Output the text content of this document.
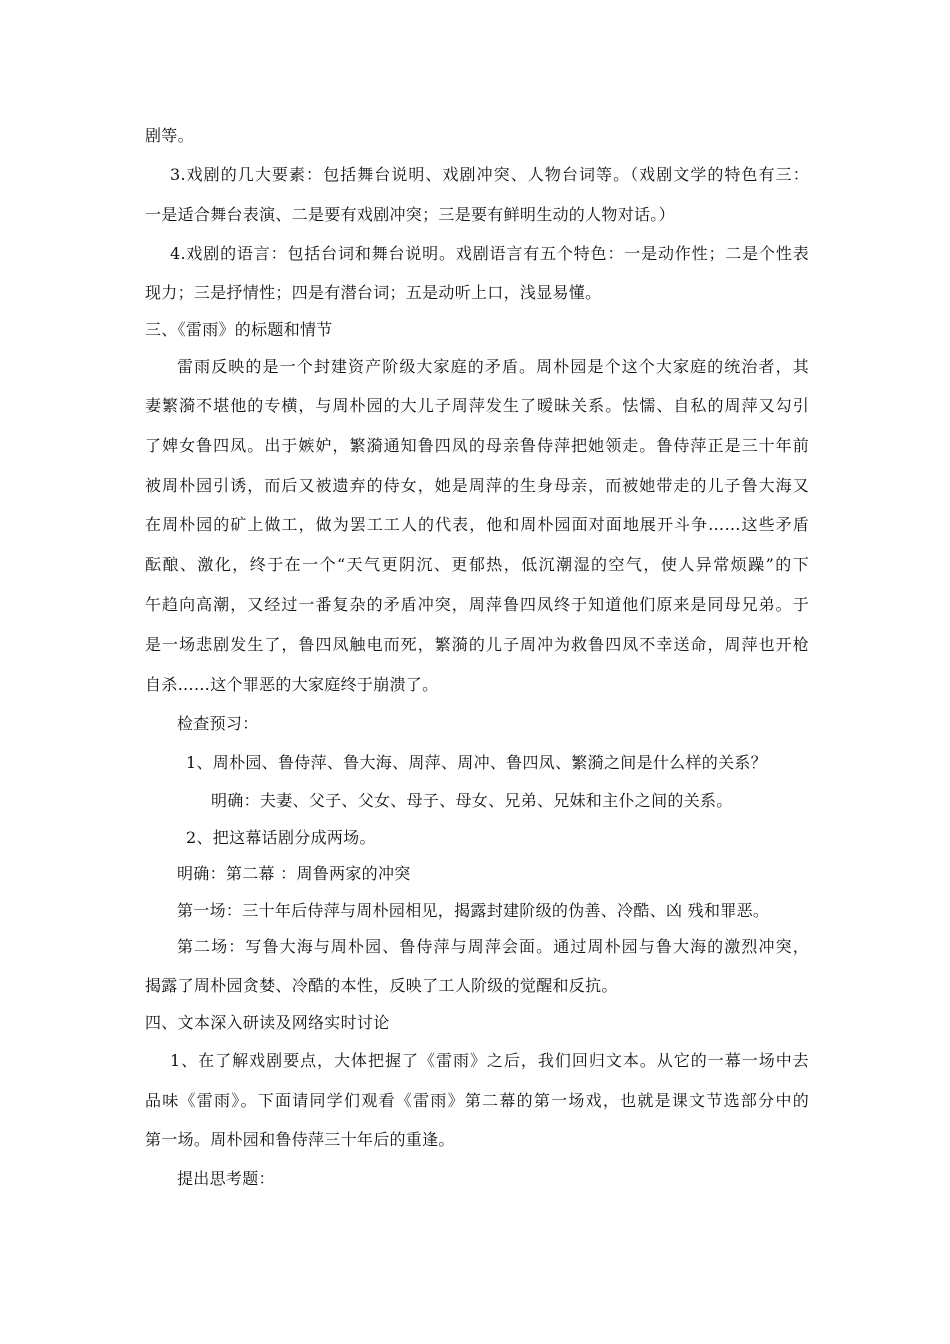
剧等。
3.戏剧的几大要素：包括舞台说明、戏剧冲突、人物台词等。（戏剧文学的特色有三：
一是适合舞台表演、二是要有戏剧冲突；三是要有鲜明生动的人物对话。）
4.戏剧的语言：包括台词和舞台说明。戏剧语言有五个特色：一是动作性；二是个性表
现力；三是抒情性；四是有潜台词；五是动听上口，浅显易懂。
三、《雷雨》的标题和情节
雷雨反映的是一个封建资产阶级大家庭的矛盾。周朴园是个这个大家庭的统治者，其
妻繁漪不堪他的专横，与周朴园的大儿子周萍发生了暧昧关系。怯懦、自私的周萍又勾引
了婢女鲁四凤。出于嫉妒，繁漪通知鲁四凤的母亲鲁侍萍把她领走。鲁侍萍正是三十年前
被周朴园引诱，而后又被遗弃的侍女，她是周萍的生身母亲，而被她带走的儿子鲁大海又
在周朴园的矿上做工，做为罢工工人的代表，他和周朴园面对面地展开斗争……这些矛盾
酝酿、激化，终于在一个“天气更阴沉、更郁热，低沉潮湿的空气，使人异常烦躁”的下
午趋向高潮，又经过一番复杂的矛盾冲突，周萍鲁四凤终于知道他们原来是同母兄弟。于
是一场悲剧发生了，鲁四凤触电而死，繁漪的儿子周冲为救鲁四凤不幸送命，周萍也开枪
自杀……这个罪恶的大家庭终于崩溃了。
检查预习：
1、周朴园、鲁侍萍、鲁大海、周萍、周冲、鲁四凤、繁漪之间是什么样的关系？
明确：夫妻、父子、父女、母子、母女、兄弟、兄妹和主仆之间的关系。
2、把这幕话剧分成两场。
明确：第二幕 ：周鲁两家的冲突
第一场：三十年后侍萍与周朴园相见，揭露封建阶级的伪善、冷酷、凶 残和罪恶。
第二场：写鲁大海与周朴园、鲁侍萍与周萍会面。通过周朴园与鲁大海的激烈冲突，
揭露了周朴园贪婪、冷酷的本性，反映了工人阶级的觉醒和反抗。
四、文本深入研读及网络实时讨论
1、在了解戏剧要点，大体把握了《雷雨》之后，我们回归文本。从它的一幕一场中去
品味《雷雨》。下面请同学们观看《雷雨》第二幕的第一场戏，也就是课文节选部分中的
第一场。周朴园和鲁侍萍三十年后的重逢。
提出思考题：
